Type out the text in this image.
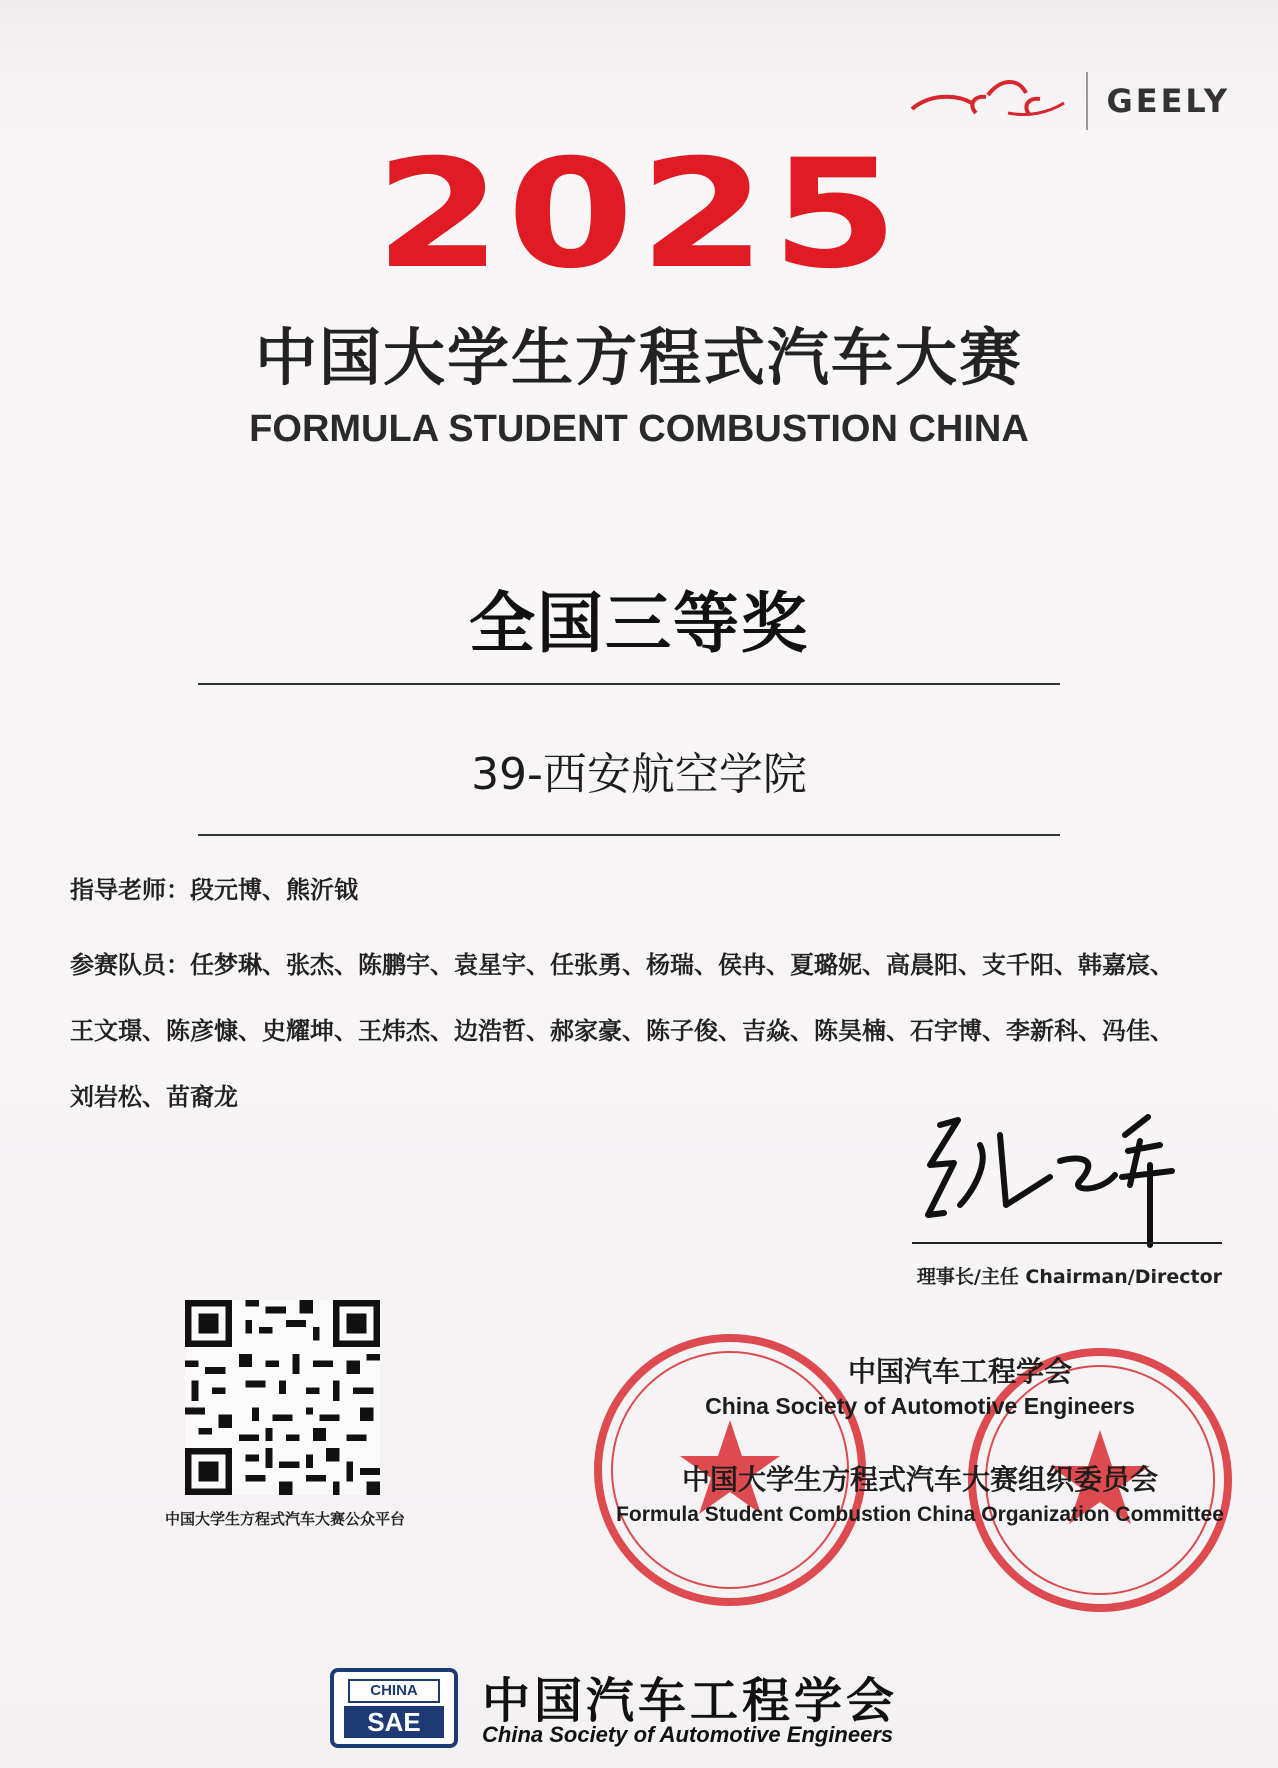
GEELY
2025
中国大学生方程式汽车大赛
FORMULA STUDENT COMBUSTION CHINA
全国三等奖
39-西安航空学院
指导老师：段元博、熊沂钺
参赛队员：任梦琳、张杰、陈鹏宇、袁星宇、任张勇、杨瑞、侯冉、夏璐妮、高晨阳、支千阳、韩嘉宸、王文璟、陈彦慷、史耀坤、王炜杰、边浩哲、郝家豪、陈子俊、吉焱、陈昊楠、石宇博、李新科、冯佳、刘岩松、苗裔龙
理事长/主任 Chairman/Director
中国大学生方程式汽车大赛公众平台
中国汽车工程学会
China Society of Automotive Engineers
中国大学生方程式汽车大赛组织委员会
Formula Student Combustion China Organization Committee
CHINA
SAE	中国汽车工程学会
China Society of Automotive Engineers
